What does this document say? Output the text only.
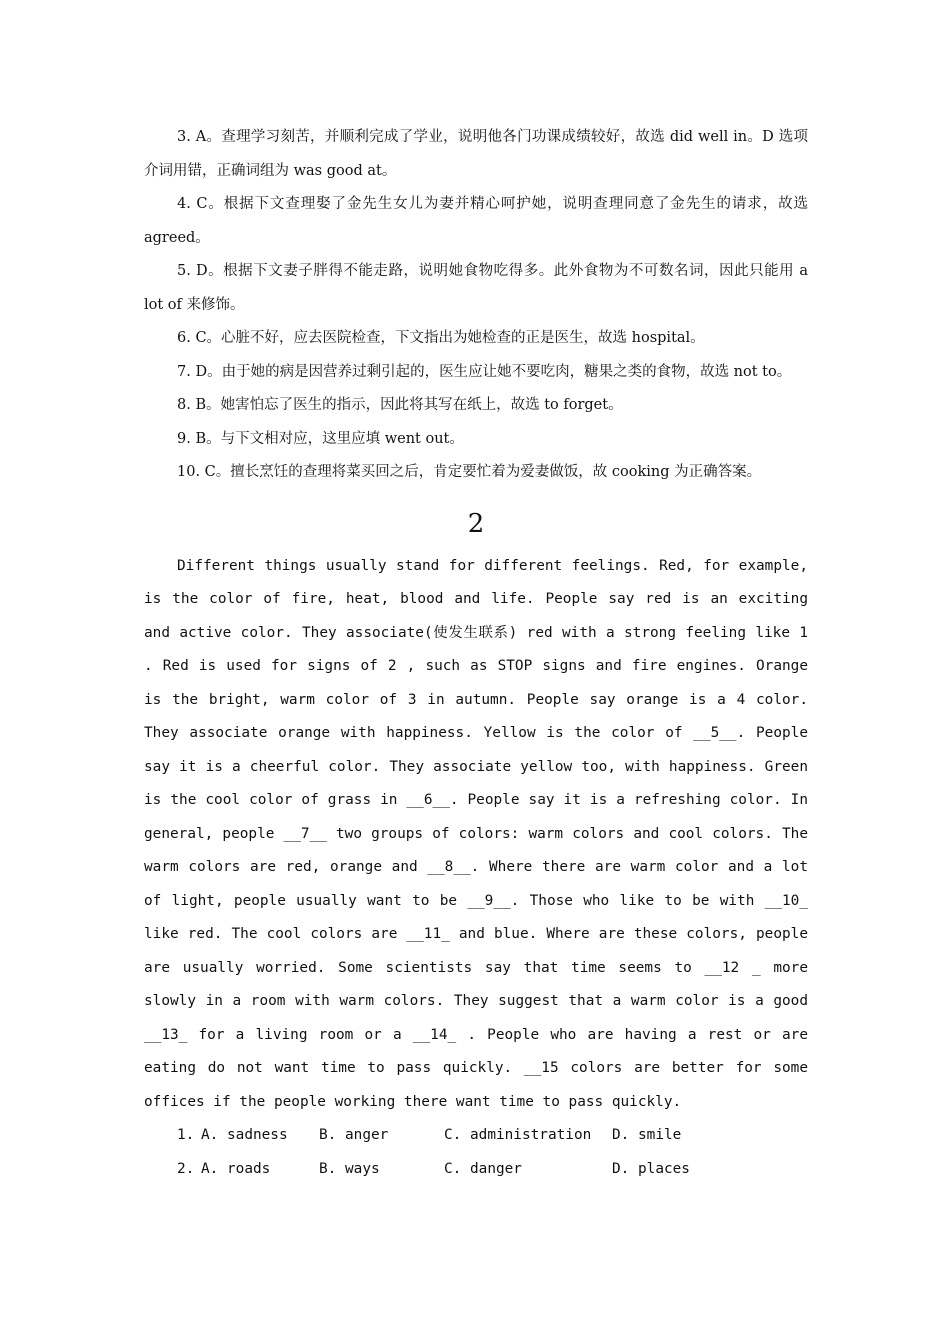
3. A。查理学习刻苦，并顺利完成了学业，说明他各门功课成绩较好，故选 did well in。D 选项介词用错，正确词组为 was good at。

4. C。根据下文查理娶了金先生女儿为妻并精心呵护她，说明查理同意了金先生的请求，故选 agreed。

5. D。根据下文妻子胖得不能走路，说明她食物吃得多。此外食物为不可数名词，因此只能用 a lot of 来修饰。

6. C。心脏不好，应去医院检查，下文指出为她检查的正是医生，故选 hospital。

7. D。由于她的病是因营养过剩引起的，医生应让她不要吃肉，糖果之类的食物，故选 not to。

8. B。她害怕忘了医生的指示，因此将其写在纸上，故选 to forget。

9. B。与下文相对应，这里应填 went out。

10. C。擅长烹饪的查理将菜买回之后，肯定要忙着为爱妻做饭，故 cooking 为正确答案。

2

Different things usually stand for different feelings. Red, for example, is the color of fire, heat, blood and life. People say red is an exciting and active color. They associate(使发生联系) red with a strong feeling like 1 . Red is used for signs of 2 , such as STOP signs and fire engines. Orange is the bright, warm color of 3 in autumn. People say orange is a 4 color. They associate orange with happiness. Yellow is the color of __5__. People say it is a cheerful color. They associate yellow too, with happiness. Green is the cool color of grass in __6__. People say it is a refreshing color. In general, people __7__ two groups of colors: warm colors and cool colors. The warm colors are red, orange and __8__. Where there are warm color and a lot of light, people usually want to be __9__. Those who like to be with __10_ like red. The cool colors are __11_ and blue. Where are these colors, people are usually worried. Some scientists say that time seems to __12 _ more slowly in a room with warm colors. They suggest that a warm color is a good __13_ for a living room or a __14_ . People who are having a rest or are eating do not want time to pass quickly. __15 colors are better for some offices if the people working there want time to pass quickly.

1. A. sadness	B. anger	C. administration	D. smile
2. A. roads	B. ways	C. danger	D. places
